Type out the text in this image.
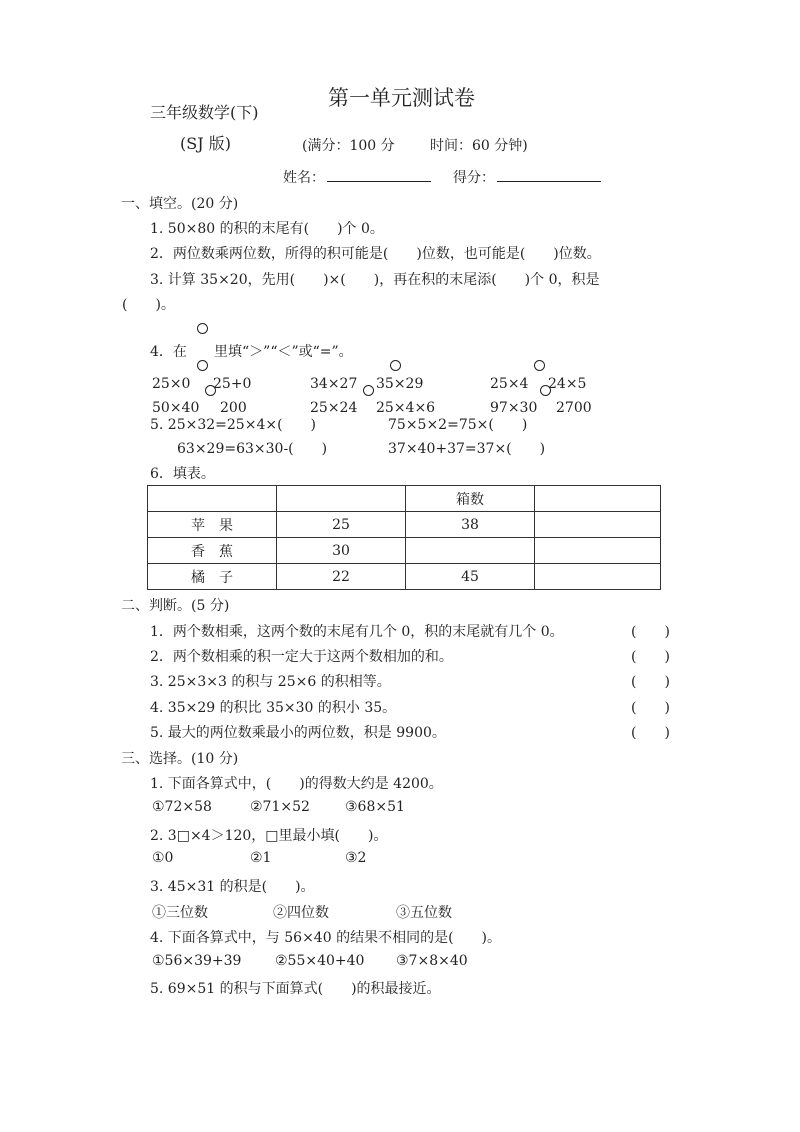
第一单元测试卷
三年级数学(下)
(SJ 版)	(满分：100 分	时间：60 分钟)
姓名：	得分：
一、填空。(20 分)
1. 50×80 的积的末尾有(　　)个 0。
2．两位数乘两位数，所得的积可能是(　　)位数，也可能是(　　)位数。
3. 计算 35×20，先用(　　)×(　　)，再在积的末尾添(　　)个 0，积是
(　　)。
4．在 里填“＞”“＜”或“=”。
25×0 25+0	34×27 35×29	25×4 24×5
50×40 200	25×24 25×4×6	97×30 2700
5. 25×32=25×4×(　　)	75×5×2=75×(　　)
63×29=63×30-(　　)	37×40+37=37×(　　)
6．填表。
		箱数	
苹　果	25	38	
香　蕉	30		
橘　子	22	45	
二、判断。(5 分)
1．两个数相乘，这两个数的末尾有几个 0，积的末尾就有几个 0。	(　　)
2．两个数相乘的积一定大于这两个数相加的和。	(　　)
3. 25×3×3 的积与 25×6 的积相等。	(　　)
4. 35×29 的积比 35×30 的积小 35。	(　　)
5. 最大的两位数乘最小的两位数，积是 9900。	(　　)
三、选择。(10 分)
1. 下面各算式中，(　　)的得数大约是 4200。
①72×58	②71×52	③68×51
2. 3□×4＞120，□里最小填(　　)。
①0	②1	③2
3. 45×31 的积是(　　)。
①三位数	②四位数	③五位数
4. 下面各算式中，与 56×40 的结果不相同的是(　　)。
①56×39+39 ②55×40+40 ③7×8×40
5. 69×51 的积与下面算式(　　)的积最接近。
